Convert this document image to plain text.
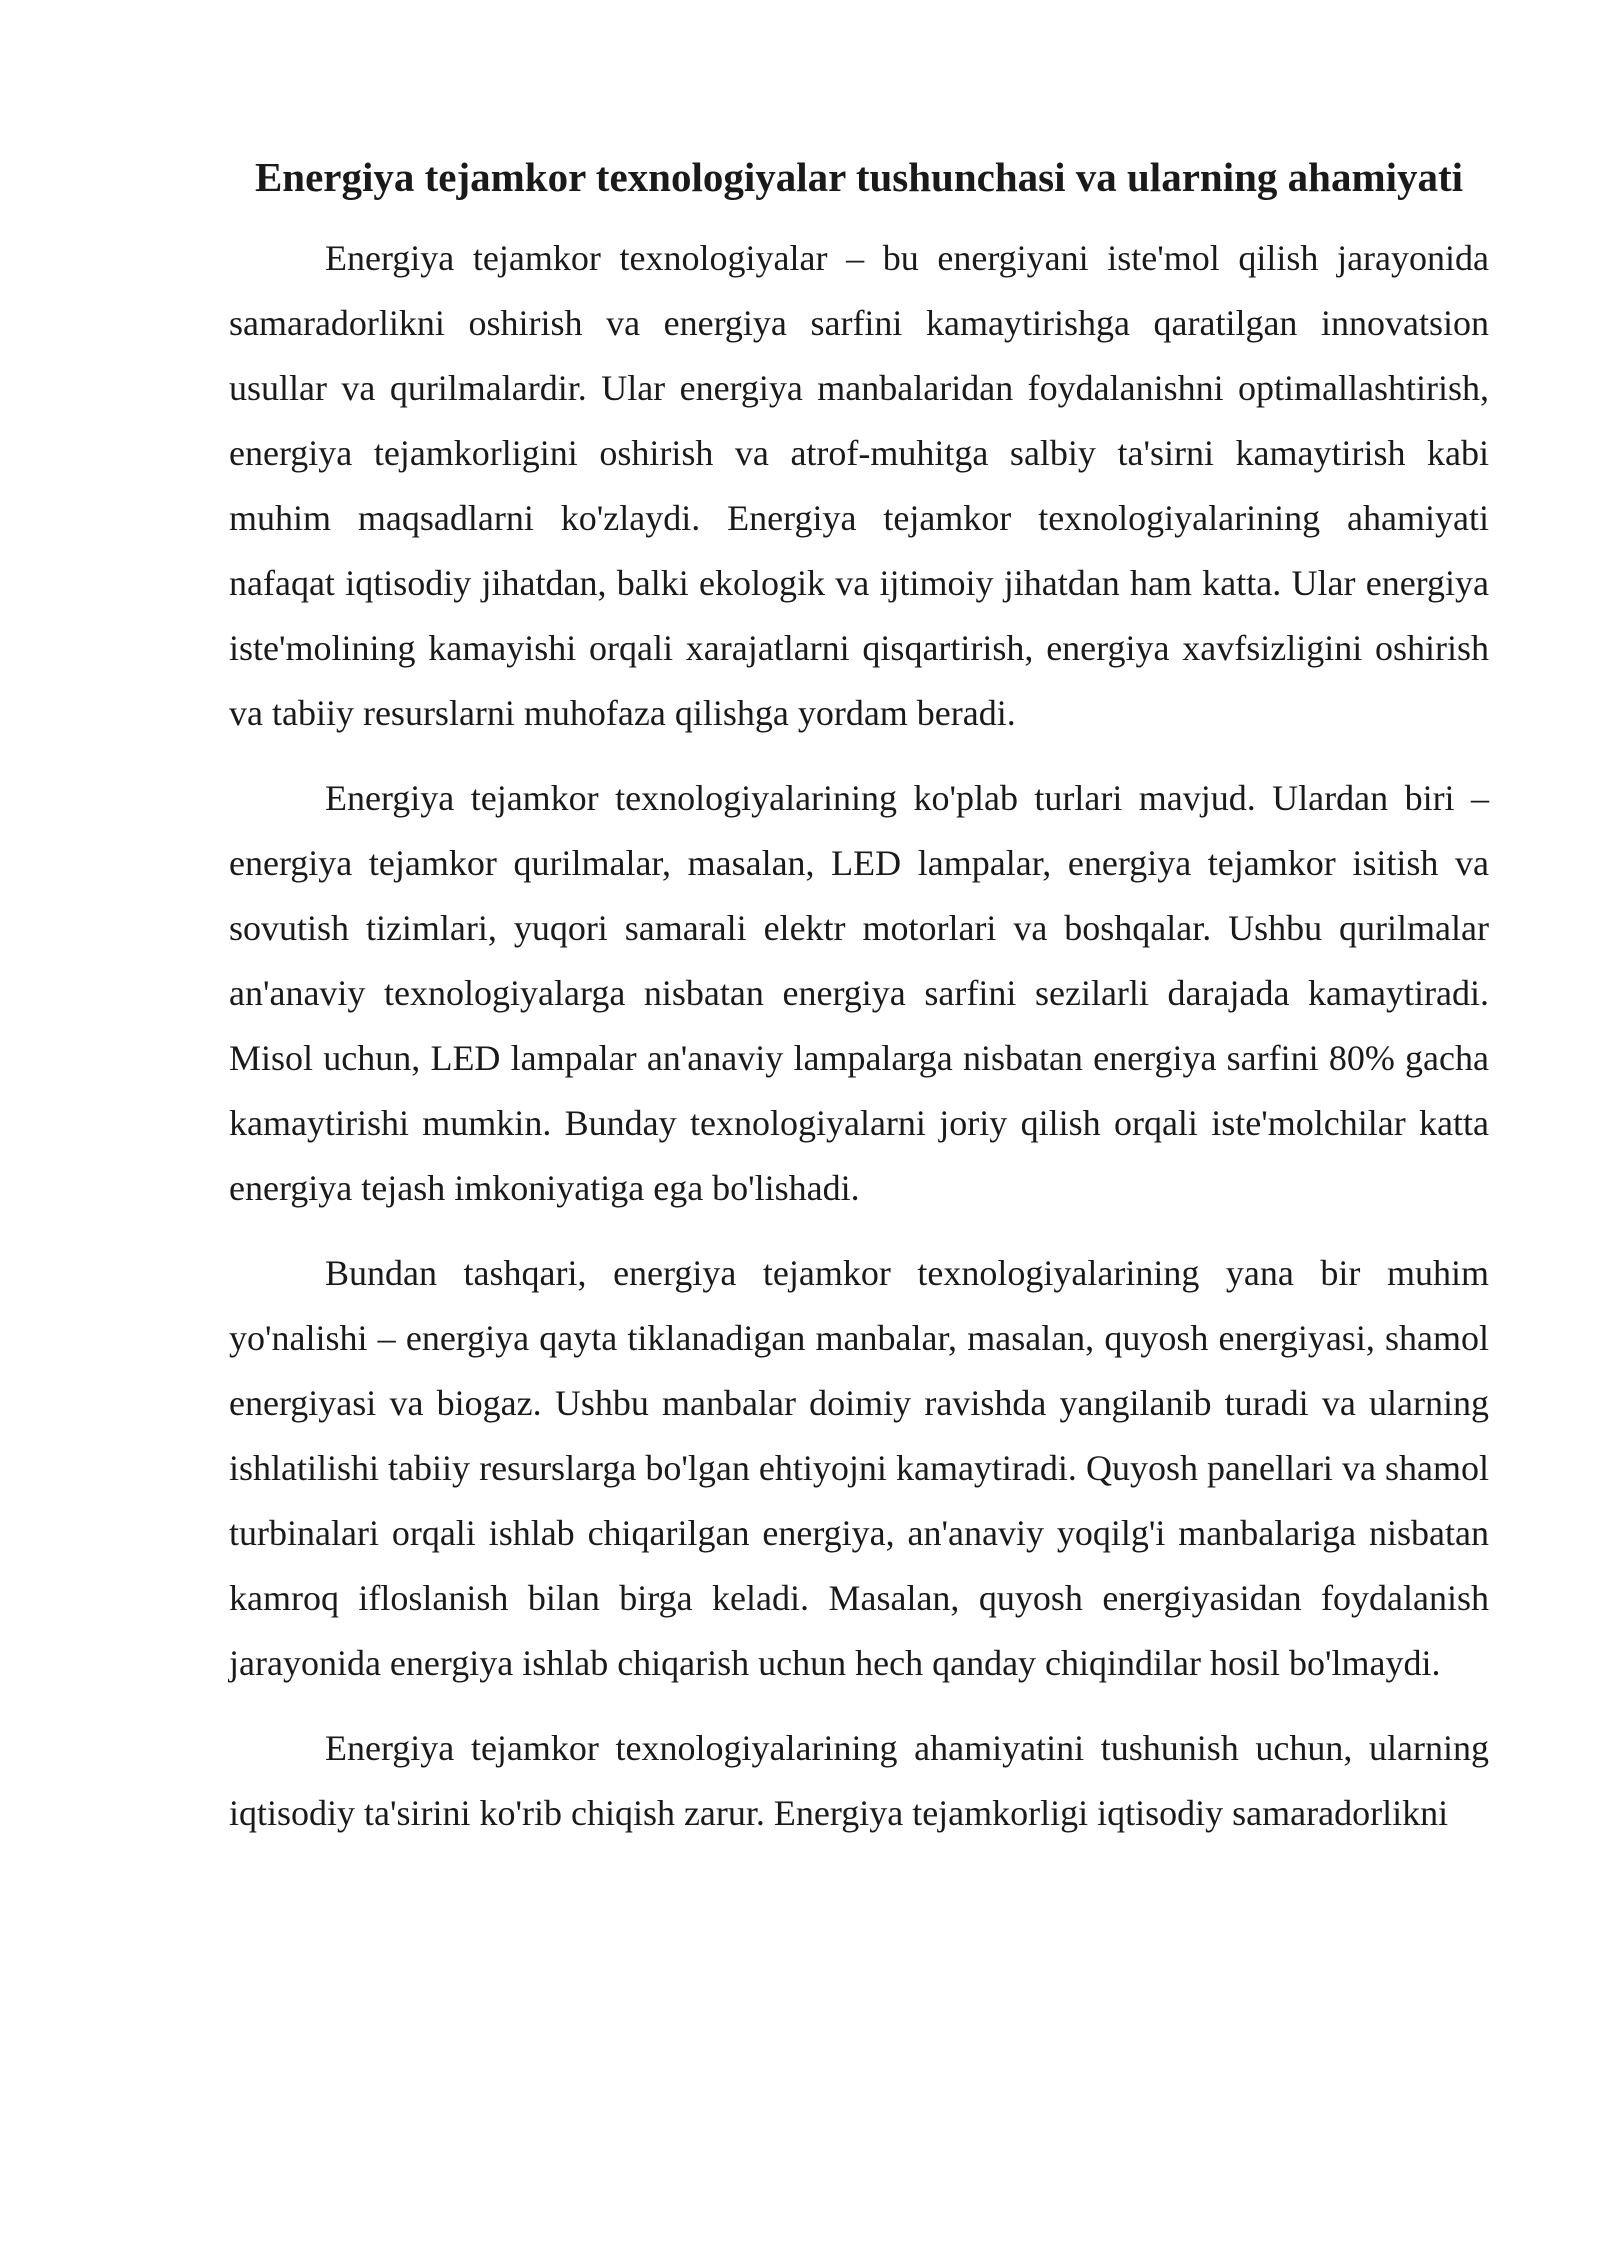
Energiya tejamkor texnologiyalar tushunchasi va ularning ahamiyati

Energiya tejamkor texnologiyalar – bu energiyani iste'mol qilish jarayonida samaradorlikni oshirish va energiya sarfini kamaytirishga qaratilgan innovatsion usullar va qurilmalardir. Ular energiya manbalaridan foydalanishni optimallashtirish, energiya tejamkorligini oshirish va atrof-muhitga salbiy ta'sirni kamaytirish kabi muhim maqsadlarni ko'zlaydi. Energiya tejamkor texnologiyalarining ahamiyati nafaqat iqtisodiy jihatdan, balki ekologik va ijtimoiy jihatdan ham katta. Ular energiya iste'molining kamayishi orqali xarajatlarni qisqartirish, energiya xavfsizligini oshirish va tabiiy resurslarni muhofaza qilishga yordam beradi.

Energiya tejamkor texnologiyalarining ko'plab turlari mavjud. Ulardan biri – energiya tejamkor qurilmalar, masalan, LED lampalar, energiya tejamkor isitish va sovutish tizimlari, yuqori samarali elektr motorlari va boshqalar. Ushbu qurilmalar an'anaviy texnologiyalarga nisbatan energiya sarfini sezilarli darajada kamaytiradi. Misol uchun, LED lampalar an'anaviy lampalarga nisbatan energiya sarfini 80% gacha kamaytirishi mumkin. Bunday texnologiyalarni joriy qilish orqali iste'molchilar katta energiya tejash imkoniyatiga ega bo'lishadi.

Bundan tashqari, energiya tejamkor texnologiyalarining yana bir muhim yo'nalishi – energiya qayta tiklanadigan manbalar, masalan, quyosh energiyasi, shamol energiyasi va biogaz. Ushbu manbalar doimiy ravishda yangilanib turadi va ularning ishlatilishi tabiiy resurslarga bo'lgan ehtiyojni kamaytiradi. Quyosh panellari va shamol turbinalari orqali ishlab chiqarilgan energiya, an'anaviy yoqilg'i manbalariga nisbatan kamroq ifloslanish bilan birga keladi. Masalan, quyosh energiyasidan foydalanish jarayonida energiya ishlab chiqarish uchun hech qanday chiqindilar hosil bo'lmaydi.

Energiya tejamkor texnologiyalarining ahamiyatini tushunish uchun, ularning iqtisodiy ta'sirini ko'rib chiqish zarur. Energiya tejamkorligi iqtisodiy samaradorlikni
